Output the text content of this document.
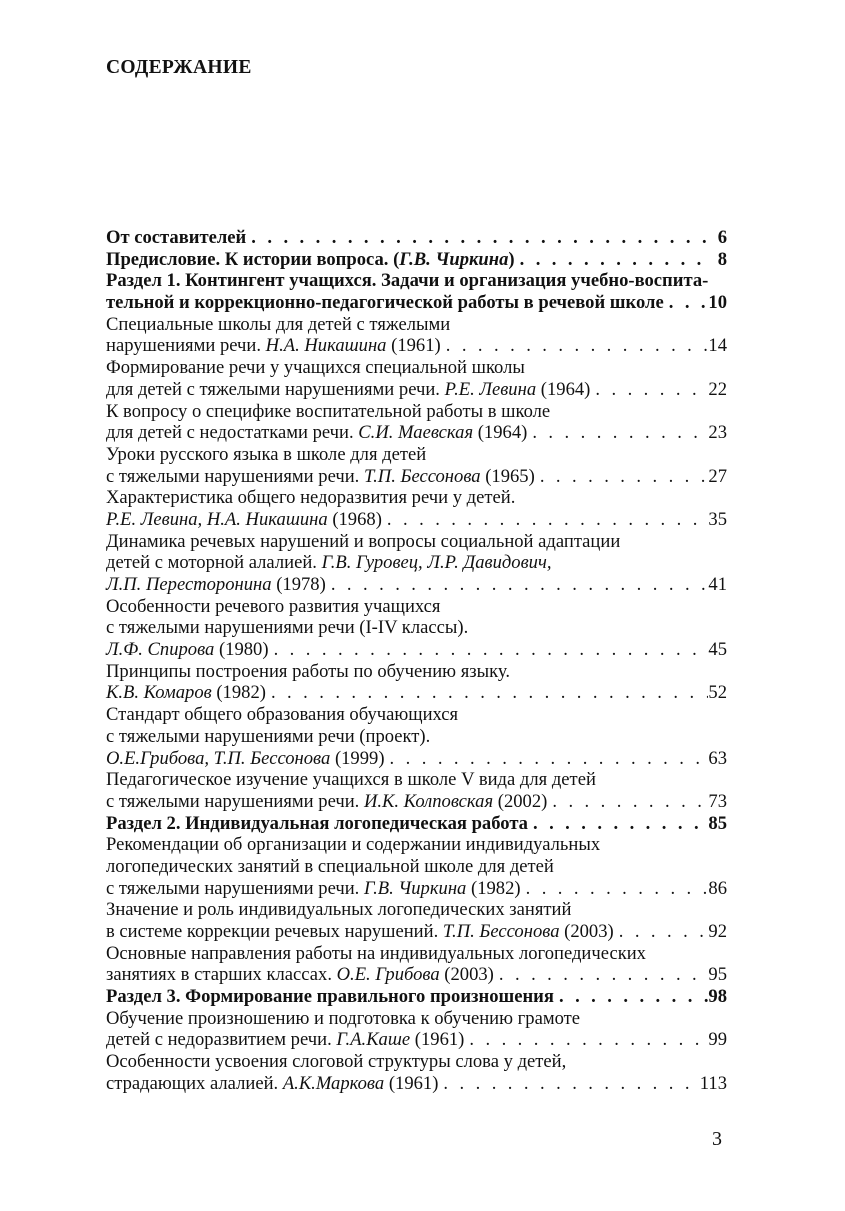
СОДЕРЖАНИЕ
От составителей . . .	6
Предисловие. К истории вопроса. (Г.В. Чиркина) . . .	8
Раздел 1. Контингент учащихся. Задачи и организация учебно-воспита-
тельной и коррекционно-педагогической работы в речевой школе . . . 10
Специальные школы для детей с тяжелыми
нарушениями речи. Н.А. Никашина (1961) . . .	14
Формирование речи у учащихся специальной школы
для детей с тяжелыми нарушениями речи. Р.Е. Левина (1964) . . .	22
К вопросу о специфике воспитательной работы в школе
для детей с недостатками речи. С.И. Маевская (1964) . . .	23
Уроки русского языка в школе для детей
с тяжелыми нарушениями речи. Т.П. Бессонова (1965) . . .	27
Характеристика общего недоразвития речи у детей.
Р.Е. Левина, Н.А. Никашина (1968) . . .	35
Динамика речевых нарушений и вопросы социальной адаптации
детей с моторной алалией. Г.В. Гуровец, Л.Р. Давидович,
Л.П. Пересторонина (1978) . . .	41
Особенности речевого развития учащихся
с тяжелыми нарушениями речи (I-IV классы).
Л.Ф. Спирова (1980) . . .	45
Принципы построения работы по обучению языку.
К.В. Комаров (1982) . . .	52
Стандарт общего образования обучающихся
с тяжелыми нарушениями речи (проект).
О.Е.Грибова, Т.П. Бессонова (1999) . . .	63
Педагогическое изучение учащихся в школе V вида для детей
с тяжелыми нарушениями речи. И.К. Колповская (2002) . . .	73
Раздел 2. Индивидуальная логопедическая работа . . .	85
Рекомендации об организации и содержании индивидуальных
логопедических занятий в специальной школе для детей
с тяжелыми нарушениями речи. Г.В. Чиркина (1982) . . .	86
Значение и роль индивидуальных логопедических занятий
в системе коррекции речевых нарушений. Т.П. Бессонова (2003) . . .	92
Основные направления работы на индивидуальных логопедических
занятиях в старших классах. О.Е. Грибова (2003) . . .	95
Раздел 3. Формирование правильного произношения . . .	98
Обучение произношению и подготовка к обучению грамоте
детей с недоразвитием речи. Г.А.Каше (1961) . . .	99
Особенности усвоения слоговой структуры слова у детей,
страдающих алалией. А.К.Маркова (1961) . . .	113
3
